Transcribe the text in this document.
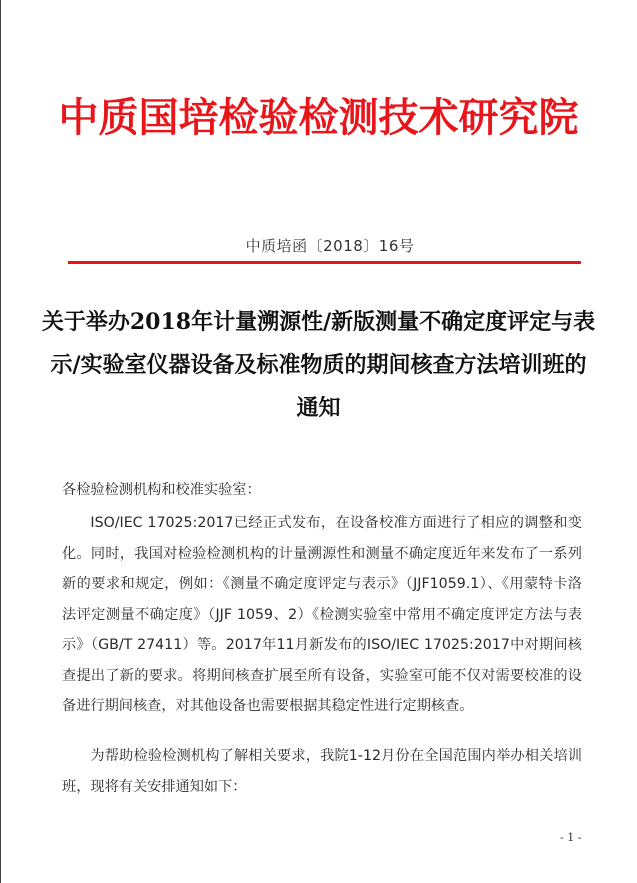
中质国培检验检测技术研究院
中质培函〔2018〕16号
关于举办2018年计量溯源性/新版测量不确定度评定与表示/实验室仪器设备及标准物质的期间核查方法培训班的通知
各检验检测机构和校准实验室：
ISO/IEC 17025:2017已经正式发布，在设备校准方面进行了相应的调整和变化。同时，我国对检验检测机构的计量溯源性和测量不确定度近年来发布了一系列新的要求和规定，例如：《测量不确定度评定与表示》（JJF1059.1）、《用蒙特卡洛法评定测量不确定度》（JJF 1059、2）《检测实验室中常用不确定度评定方法与表示》（GB/T 27411）等。2017年11月新发布的ISO/IEC 17025:2017中对期间核查提出了新的要求。将期间核查扩展至所有设备，实验室可能不仅对需要校准的设备进行期间核查，对其他设备也需要根据其稳定性进行定期核查。
为帮助检验检测机构了解相关要求，我院1-12月份在全国范围内举办相关培训班，现将有关安排通知如下：
- 1 -
